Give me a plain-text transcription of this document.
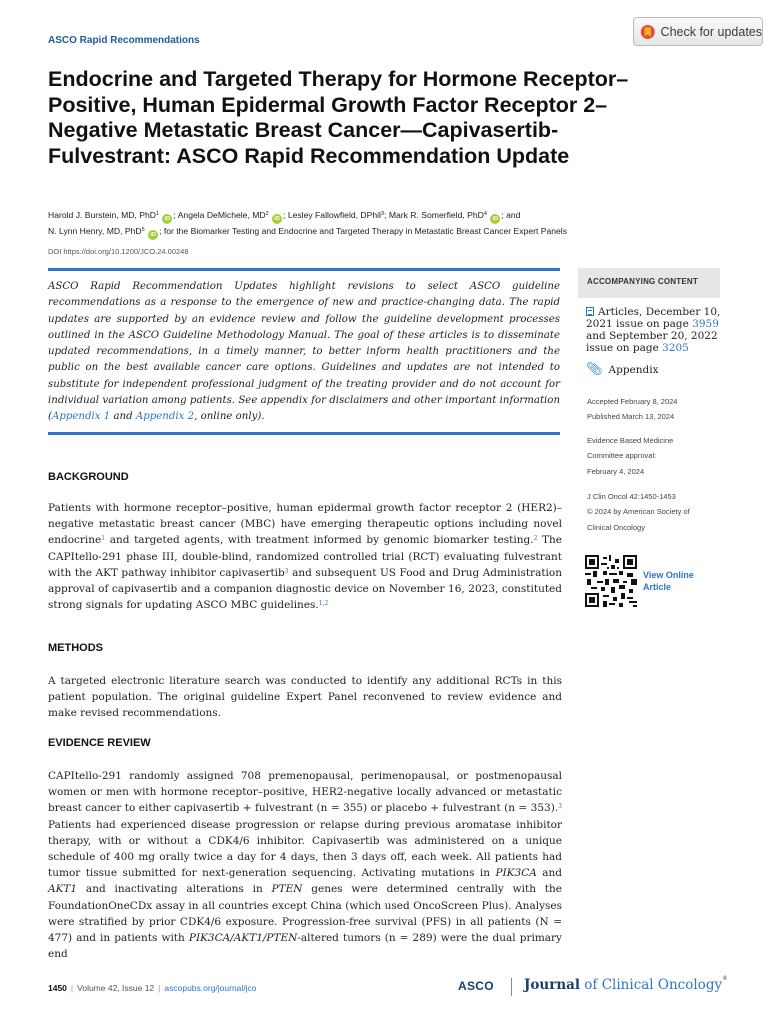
ASCO Rapid Recommendations
Check for updates
Endocrine and Targeted Therapy for Hormone Receptor–Positive, Human Epidermal Growth Factor Receptor 2–Negative Metastatic Breast Cancer—Capivasertib-Fulvestrant: ASCO Rapid Recommendation Update
Harold J. Burstein, MD, PhD$^1$ iD ; Angela DeMichele, $MD^2$ iD ; Lesley Fallowfield, DPhil$^3$; Mark R. Somerfield, PhD$^4$ iD ; and
N. Lynn Henry, MD, PhD$^5$ iD ; for the Biomarker Testing and Endocrine and Targeted Therapy in Metastatic Breast Cancer Expert Panels
DOI https://doi.org/10.1200/JCO.24.00248

ASCO Rapid Recommendation Updates highlight revisions to select ASCO guideline recommendations as a response to the emergence of new and practice-changing data. The rapid updates are supported by an evidence review and follow the guideline development processes outlined in the ASCO Guideline Methodology Manual. The goal of these articles is to disseminate updated recommendations, in a timely manner, to better inform health practitioners and the public on the best available cancer care options. Guidelines and updates are not intended to substitute for independent professional judgment of the treating provider and do not account for individual variation among patients. See appendix for disclaimers and other important information (Appendix 1 and Appendix 2, online only).

BACKGROUND

Patients with hormone receptor–positive, human epidermal growth factor receptor 2 (HER2)–negative metastatic breast cancer (MBC) have emerging therapeutic options including novel endocrine$^1$ and targeted agents, with treatment informed by genomic biomarker testing.$^2$ The CAPItello-291 phase III, double-blind, randomized controlled trial (RCT) evaluating fulvestrant with the AKT pathway inhibitor capivasertib$^3$ and subsequent US Food and Drug Administration approval of capivasertib and a companion diagnostic device on November 16, 2023, constituted strong signals for updating ASCO MBC guidelines.$^{1,2}$

METHODS

A targeted electronic literature search was conducted to identify any additional RCTs in this patient population. The original guideline Expert Panel reconvened to review evidence and make revised recommendations.

EVIDENCE REVIEW

CAPItello-291 randomly assigned 708 premenopausal, perimenopausal, or postmenopausal women or men with hormone receptor–positive, HER2-negative locally advanced or metastatic breast cancer to either capivasertib + fulvestrant (n = 355) or placebo + fulvestrant (n = 353).$^3$ Patients had experienced disease progression or relapse during previous aromatase inhibitor therapy, with or without a CDK4/6 inhibitor. Capivasertib was administered on a unique schedule of 400 mg orally twice a day for 4 days, then 3 days off, each week. All patients had tumor tissue submitted for next-generation sequencing. Activating mutations in PIK3CA and AKT1 and inactivating alterations in PTEN genes were determined centrally with the FoundationOneCDx assay in all countries except China (which used OncoScreen Plus). Analyses were stratified by prior CDK4/6 exposure. Progression-free survival (PFS) in all patients (N = 477) and in patients with PIK3CA/AKT1/PTEN-altered tumors (n = 289) were the dual primary end

ACCOMPANYING CONTENT
Articles, December 10, 2021 issue on page 3959 and September 20, 2022 issue on page 3205
📎︎ Appendix
Accepted February 8, 2024
Published March 13, 2024
Evidence Based Medicine
Committee approval:
February 4, 2024
J Clin Oncol 42:1450-1453
© 2024 by American Society of
Clinical Oncology
View Online
Article
1450 | Volume 42, Issue 12 | ascopubs.org/journal/jco	ASCO Journal of Clinical Oncology®
